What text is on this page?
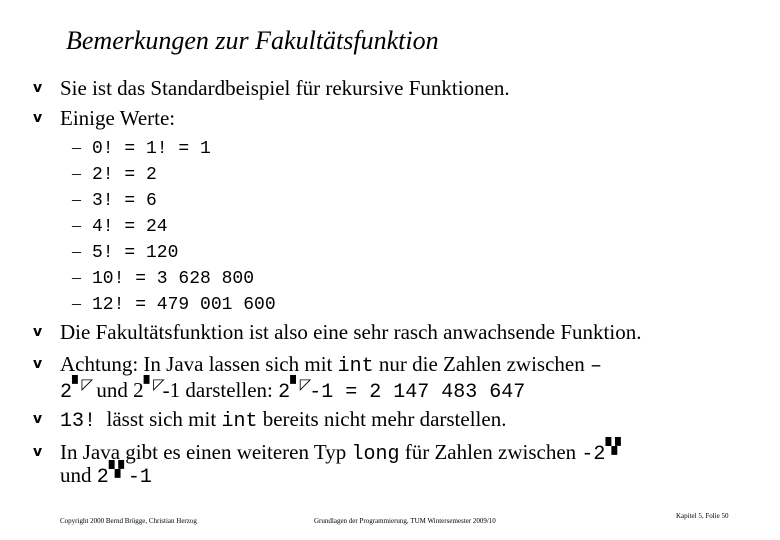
Bemerkungen zur Fakultätsfunktion
v Sie ist das Standardbeispiel für rekursive Funktionen.
v Einige Werte:
– 0! = 1! = 1
– 2! = 2
– 3! = 6
– 4! = 24
– 5! = 120
– 10! = 3 628 800
– 12! = 479 001 600
v Die Fakultätsfunktion ist also eine sehr rasch anwachsende Funktion.
v Achtung: In Java lassen sich mit int nur die Zahlen zwischen –
2▘◸ und 2▘◸-1 darstellen: 2▘◸-1 = 2 147 483 647
v 13! lässt sich mit int bereits nicht mehr darstellen.
v In Java gibt es einen weiteren Typ long für Zahlen zwischen -2▚▘
und 2▚▘-1
Copyright 2000 Bernd Brügge, Christian Herzog	Grundlagen der Programmierung, TUM Wintersemester 2009/10
Kapitel 5, Folie 50
